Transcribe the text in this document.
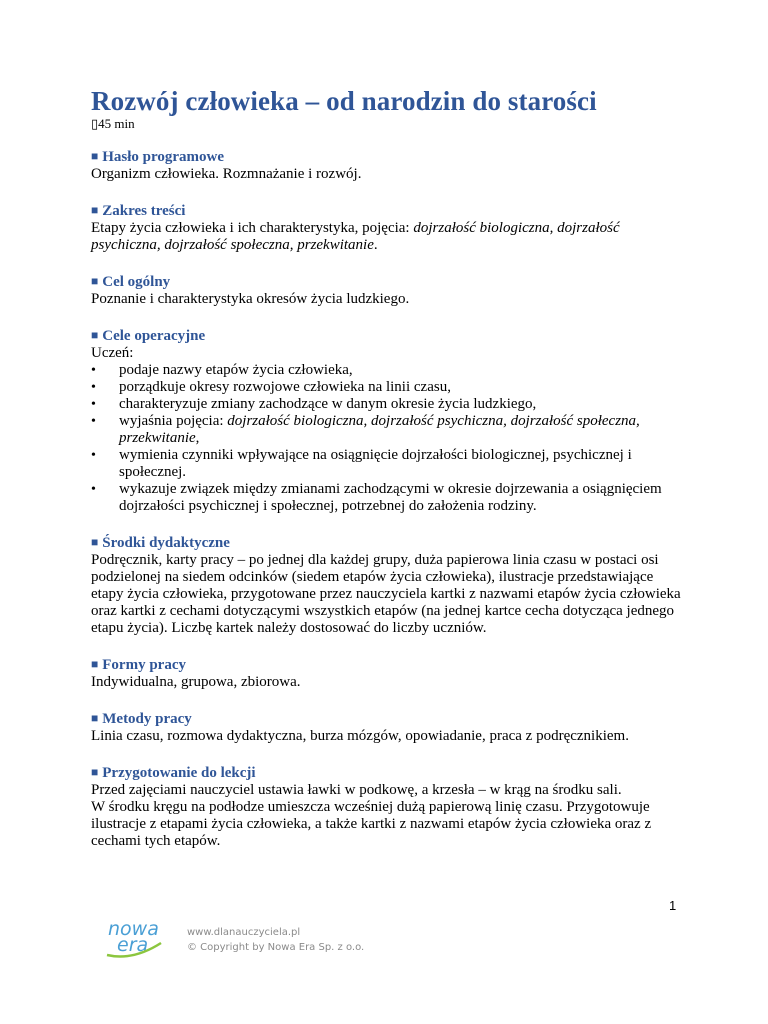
Rozwój człowieka – od narodzin do starości
▯45 min
■ Hasło programowe
Organizm człowieka. Rozmnażanie i rozwój.
■ Zakres treści
Etapy życia człowieka i ich charakterystyka, pojęcia: dojrzałość biologiczna, dojrzałość psychiczna, dojrzałość społeczna, przekwitanie.
■ Cel ogólny
Poznanie i charakterystyka okresów życia ludzkiego.
■ Cele operacyjne
Uczeń:
• podaje nazwy etapów życia człowieka,
• porządkuje okresy rozwojowe człowieka na linii czasu,
• charakteryzuje zmiany zachodzące w danym okresie życia ludzkiego,
• wyjaśnia pojęcia: dojrzałość biologiczna, dojrzałość psychiczna, dojrzałość społeczna, przekwitanie,
• wymienia czynniki wpływające na osiągnięcie dojrzałości biologicznej, psychicznej i społecznej.
• wykazuje związek między zmianami zachodzącymi w okresie dojrzewania a osiągnięciem dojrzałości psychicznej i społecznej, potrzebnej do założenia rodziny.
■ Środki dydaktyczne
Podręcznik, karty pracy – po jednej dla każdej grupy, duża papierowa linia czasu w postaci osi podzielonej na siedem odcinków (siedem etapów życia człowieka), ilustracje przedstawiające etapy życia człowieka, przygotowane przez nauczyciela kartki z nazwami etapów życia człowieka oraz kartki z cechami dotyczącymi wszystkich etapów (na jednej kartce cecha dotycząca jednego etapu życia). Liczbę kartek należy dostosować do liczby uczniów.
■ Formy pracy
Indywidualna, grupowa, zbiorowa.
■ Metody pracy
Linia czasu, rozmowa dydaktyczna, burza mózgów, opowiadanie, praca z podręcznikiem.
■ Przygotowanie do lekcji
Przed zajęciami nauczyciel ustawia ławki w podkowę, a krzesła – w krąg na środku sali.
W środku kręgu na podłodze umieszcza wcześniej dużą papierową linię czasu. Przygotowuje ilustracje z etapami życia człowieka, a także kartki z nazwami etapów życia człowieka oraz z cechami tych etapów.
1
nowa
era
www.dlanauczyciela.pl
© Copyright by Nowa Era Sp. z o.o.
